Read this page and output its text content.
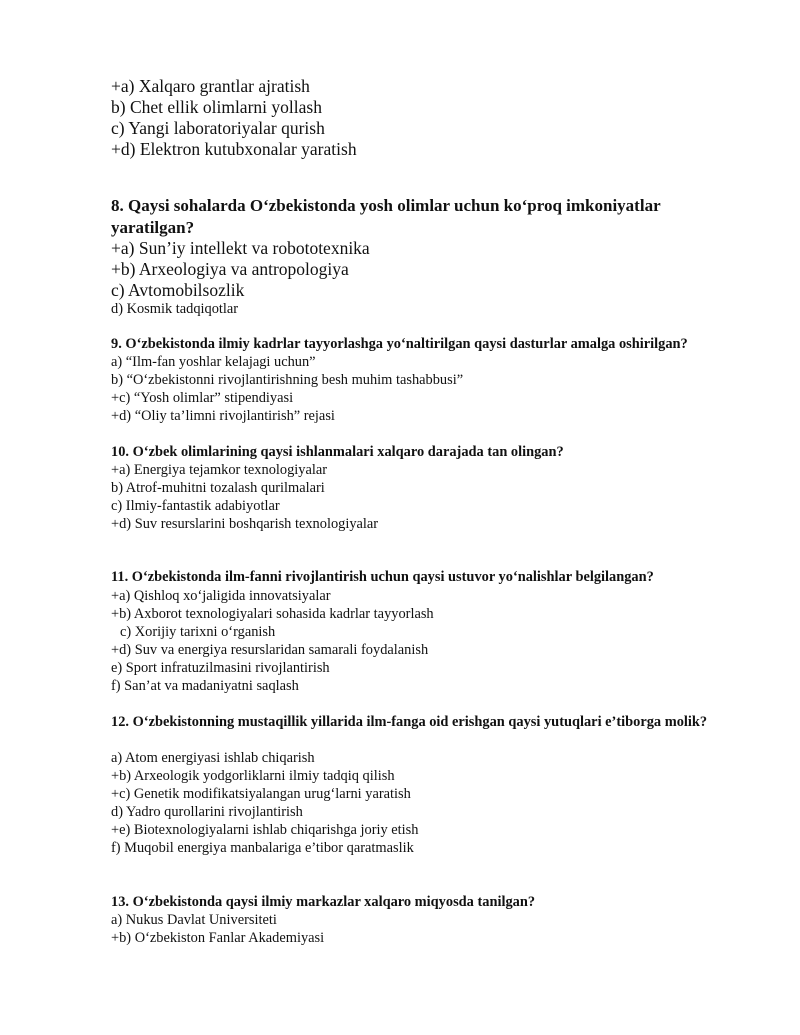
+a) Xalqaro grantlar ajratish
b) Chet ellik olimlarni yollash
c) Yangi laboratoriyalar qurish
+d) Elektron kutubxonalar yaratish
8. Qaysi sohalarda O‘zbekistonda yosh olimlar uchun ko‘proq imkoniyatlar yaratilgan?
+a) Sun’iy intellekt va robototexnika
+b) Arxeologiya va antropologiya
c) Avtomobilsozlik
d) Kosmik tadqiqotlar
9. O‘zbekistonda ilmiy kadrlar tayyorlashga yo‘naltirilgan qaysi dasturlar amalga oshirilgan?
a) “Ilm-fan yoshlar kelajagi uchun”
b) “O‘zbekistonni rivojlantirishning besh muhim tashabbusi”
+c) “Yosh olimlar” stipendiyasi
+d) “Oliy ta’limni rivojlantirish” rejasi
10. O‘zbek olimlarining qaysi ishlanmalari xalqaro darajada tan olingan?
+a) Energiya tejamkor texnologiyalar
b) Atrof-muhitni tozalash qurilmalari
c) Ilmiy-fantastik adabiyotlar
+d) Suv resurslarini boshqarish texnologiyalar
11. O‘zbekistonda ilm-fanni rivojlantirish uchun qaysi ustuvor yo‘nalishlar belgilangan?
+a) Qishloq xo‘jaligida innovatsiyalar
+b) Axborot texnologiyalari sohasida kadrlar tayyorlash
c) Xorijiy tarixni o‘rganish
+d) Suv va energiya resurslaridan samarali foydalanish
e) Sport infratuzilmasini rivojlantirish
f) San’at va madaniyatni saqlash
12. O‘zbekistonning mustaqillik yillarida ilm-fanga oid erishgan qaysi yutuqlari e’tiborga molik?
a) Atom energiyasi ishlab chiqarish
+b) Arxeologik yodgorliklarni ilmiy tadqiq qilish
+c) Genetik modifikatsiyalangan urug‘larni yaratish
d) Yadro qurollarini rivojlantirish
+e) Biotexnologiyalarni ishlab chiqarishga joriy etish
f) Muqobil energiya manbalariga e’tibor qaratmaslik
13. O‘zbekistonda qaysi ilmiy markazlar xalqaro miqyosda tanilgan?
a) Nukus Davlat Universiteti
+b) O‘zbekiston Fanlar Akademiyasi
